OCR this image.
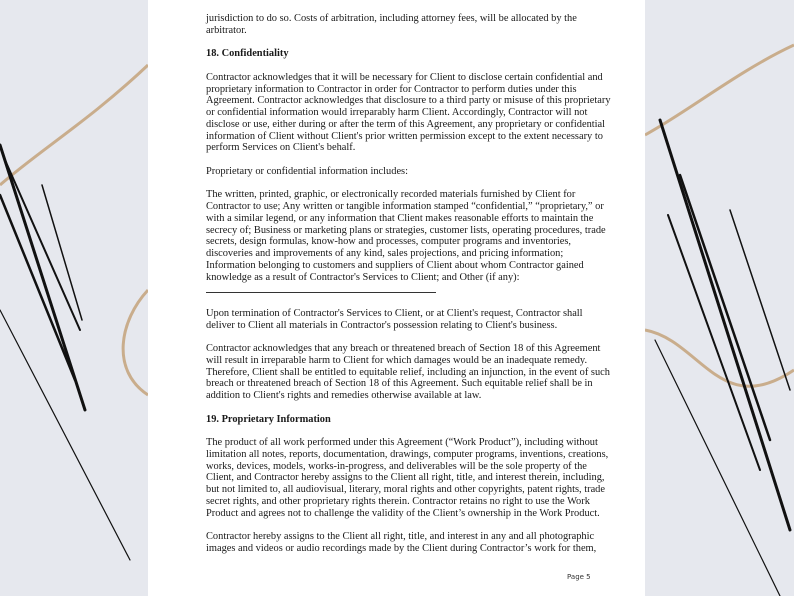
jurisdiction to do so. Costs of arbitration, including attorney fees, will be allocated by the
arbitrator.
18. Confidentiality
Contractor acknowledges that it will be necessary for Client to disclose certain confidential and
proprietary information to Contractor in order for Contractor to perform duties under this
Agreement. Contractor acknowledges that disclosure to a third party or misuse of this proprietary
or confidential information would irreparably harm Client. Accordingly, Contractor will not
disclose or use, either during or after the term of this Agreement, any proprietary or confidential
information of Client without Client's prior written permission except to the extent necessary to
perform Services on Client's behalf.
Proprietary or confidential information includes:
The written, printed, graphic, or electronically recorded materials furnished by Client for
Contractor to use; Any written or tangible information stamped “confidential,” “proprietary,” or
with a similar legend, or any information that Client makes reasonable efforts to maintain the
secrecy of; Business or marketing plans or strategies, customer lists, operating procedures, trade
secrets, design formulas, know-how and processes, computer programs and inventories,
discoveries and improvements of any kind, sales projections, and pricing information;
Information belonging to customers and suppliers of Client about whom Contractor gained
knowledge as a result of Contractor's Services to Client; and Other (if any):
Upon termination of Contractor's Services to Client, or at Client's request, Contractor shall
deliver to Client all materials in Contractor's possession relating to Client's business.
Contractor acknowledges that any breach or threatened breach of Section 18 of this Agreement
will result in irreparable harm to Client for which damages would be an inadequate remedy.
Therefore, Client shall be entitled to equitable relief, including an injunction, in the event of such
breach or threatened breach of Section 18 of this Agreement. Such equitable relief shall be in
addition to Client's rights and remedies otherwise available at law.
19. Proprietary Information
The product of all work performed under this Agreement (“Work Product”), including without
limitation all notes, reports, documentation, drawings, computer programs, inventions, creations,
works, devices, models, works-in-progress, and deliverables will be the sole property of the
Client, and Contractor hereby assigns to the Client all right, title, and interest therein, including,
but not limited to, all audiovisual, literary, moral rights and other copyrights, patent rights, trade
secret rights, and other proprietary rights therein. Contractor retains no right to use the Work
Product and agrees not to challenge the validity of the Client’s ownership in the Work Product.
Contractor hereby assigns to the Client all right, title, and interest in any and all photographic
images and videos or audio recordings made by the Client during Contractor’s work for them,
Page 5
